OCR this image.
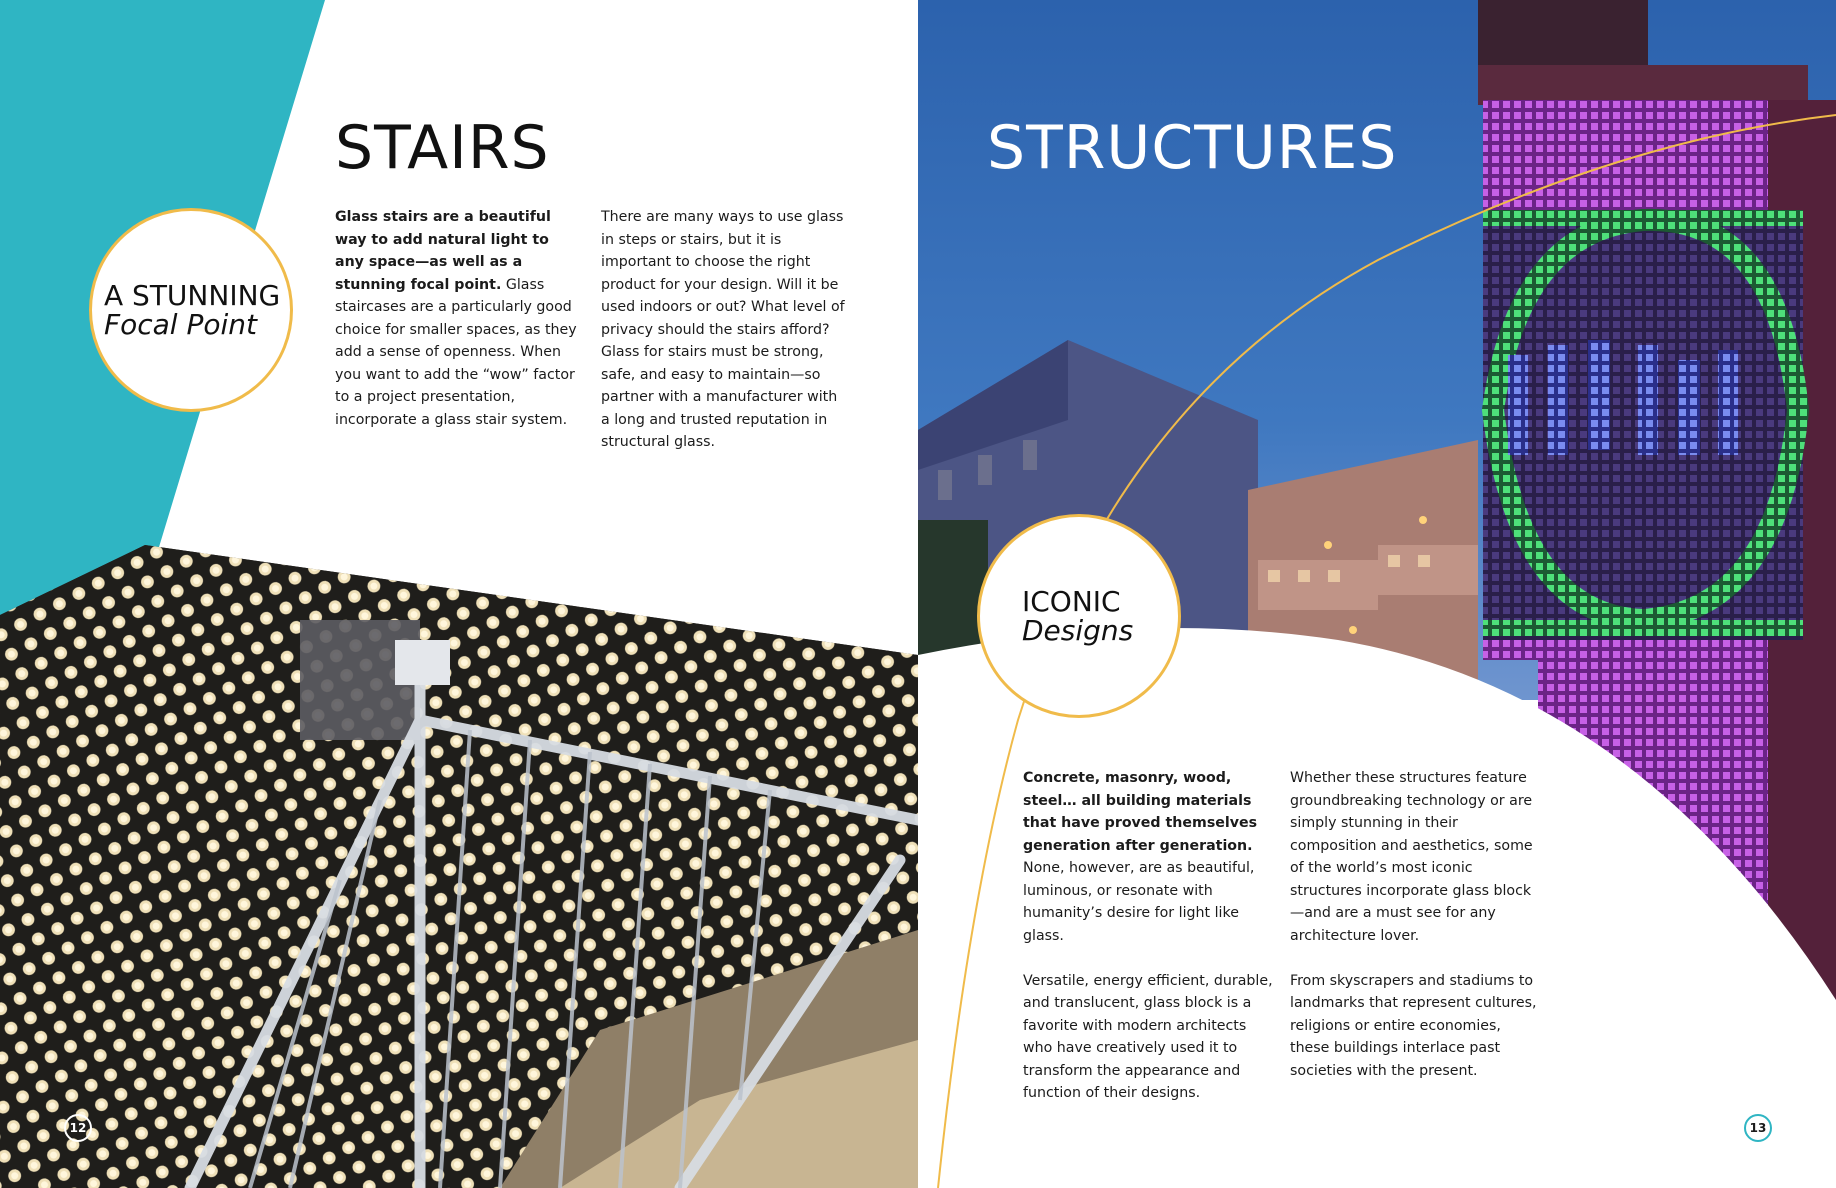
STAIRS
A STUNNING
Focal Point

Glass stairs are a beautiful way to add natural light to any space—as well as a stunning focal point. Glass staircases are a particularly good choice for smaller spaces, as they add a sense of openness. When you want to add the “wow” factor to a project presentation, incorporate a glass stair system.

There are many ways to use glass in steps or stairs, but it is important to choose the right product for your design. Will it be used indoors or out? What level of privacy should the stairs afford? Glass for stairs must be strong, safe, and easy to maintain—so partner with a manufacturer with a long and trusted reputation in structural glass.

12
STRUCTURES
ICONIC
Designs

Concrete, masonry, wood, steel… all building materials that have proved themselves generation after generation. None, however, are as beautiful, luminous, or resonate with humanity’s desire for light like glass.

Versatile, energy efficient, durable, and translucent, glass block is a favorite with modern architects who have creatively used it to transform the appearance and function of their designs.

Whether these structures feature groundbreaking technology or are simply stunning in their composition and aesthetics, some of the world’s most iconic structures incorporate glass block—and are a must see for any architecture lover.

From skyscrapers and stadiums to landmarks that represent cultures, religions or entire economies, these buildings interlace past societies with the present.

13
